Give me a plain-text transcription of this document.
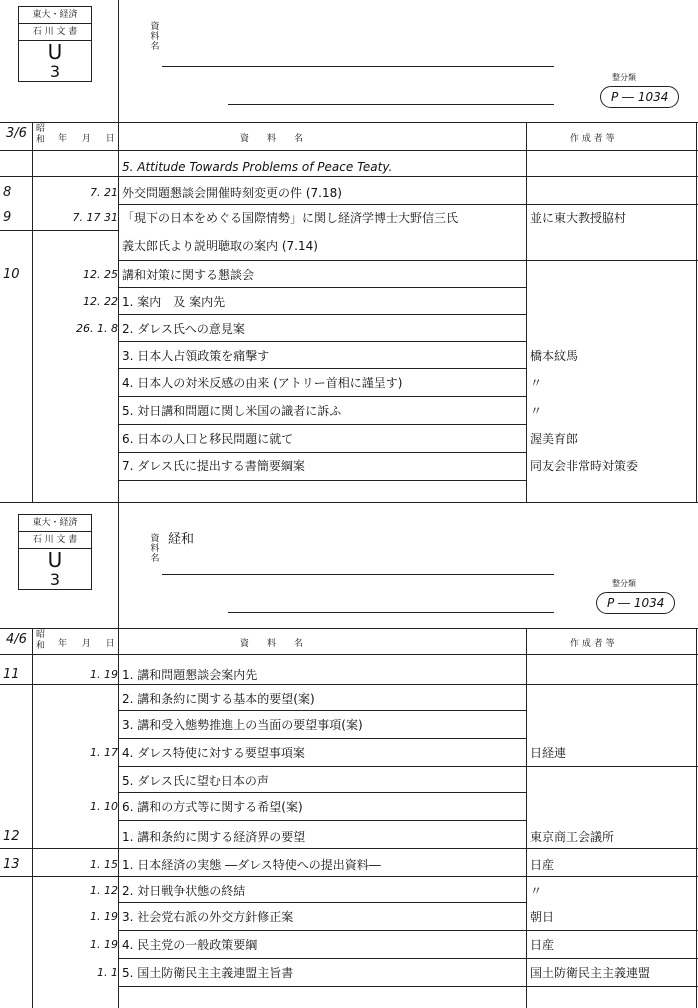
東大・経済
石 川 文 書
U
3
資
料
名
整分類
P ― 1034
3/6 昭
和 年 月 日	資　　料　　名	作 成 者 等
5. Attitude Towards Problems of Peace Teaty.
8	7. 21 外交問題懇談会開催時刻変更の件 (7.18)
9	7. 17 31 「現下の日本をめぐる国際情勢」に関し経済学博士大野信三氏	並に東大教授脇村
義太郎氏より説明聴取の案内 (7.14)
10	12. 25 講和対策に関する懇談会
12. 22 1. 案内　及 案内先
26. 1. 8 2. ダレス氏への意見案
3. 日本人占領政策を痛撃す	橋本紋馬
4. 日本人の対米反感の由来 (アトリー首相に謹呈す)	〃
5. 対日講和問題に関し米国の識者に訴ふ	〃
6. 日本の人口と移民問題に就て	渥美育郎
7. ダレス氏に提出する書簡要綱案	同友会非常時対策委
東大・経済
石 川 文 書
U
3
資
料
名
経和
整分類
P ― 1034
4/6 昭
和 年 月 日	資　　料　　名	作 成 者 等
11	1. 19 1. 講和問題懇談会案内先
2. 講和条約に関する基本的要望(案)
3. 講和受入態勢推進上の当面の要望事項(案)
1. 17 4. ダレス特使に対する要望事項案	日経連
5. ダレス氏に望む日本の声
1. 10 6. 講和の方式等に関する希望(案)
12	1. 講和条約に関する経済界の要望	東京商工会議所
13	1. 15 1. 日本経済の実態 ―ダレス特使への提出資料―	日産
1. 12 2. 対日戦争状態の終結	〃
1. 19 3. 社会党右派の外交方針修正案	朝日
1. 19 4. 民主党の一般政策要綱	日産
1. 1 5. 国土防衛民主主義連盟主旨書	国土防衛民主主義連盟
